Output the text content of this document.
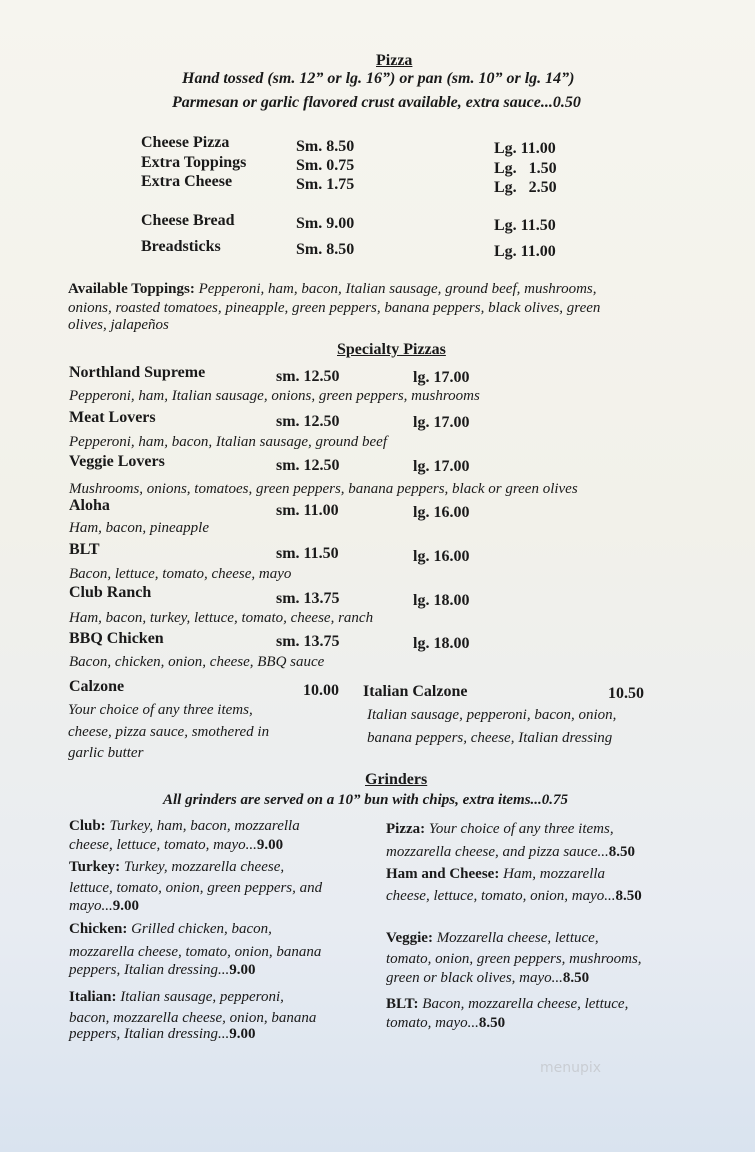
Pizza
Hand tossed (sm. 12” or lg. 16”) or pan (sm. 10” or lg. 14”)
Parmesan or garlic flavored crust available, extra sauce...0.50
Cheese Pizza	Sm. 8.50	Lg. 11.00
Extra Toppings	Sm. 0.75	Lg.   1.50
Extra Cheese	Sm. 1.75	Lg.   2.50
Cheese Bread	Sm. 9.00	Lg. 11.50
Breadsticks	Sm. 8.50	Lg. 11.00
Available Toppings: Pepperoni, ham, bacon, Italian sausage, ground beef, mushrooms,
onions, roasted tomatoes, pineapple, green peppers, banana peppers, black olives, green
olives, jalapeños
Specialty Pizzas
Northland Supreme	sm. 12.50	lg. 17.00
Pepperoni, ham, Italian sausage, onions, green peppers, mushrooms
Meat Lovers	sm. 12.50	lg. 17.00
Pepperoni, ham, bacon, Italian sausage, ground beef
Veggie Lovers	sm. 12.50	lg. 17.00
Mushrooms, onions, tomatoes, green peppers, banana peppers, black or green olives
Aloha	sm. 11.00	lg. 16.00
Ham, bacon, pineapple
BLT	sm. 11.50	lg. 16.00
Bacon, lettuce, tomato, cheese, mayo
Club Ranch	sm. 13.75	lg. 18.00
Ham, bacon, turkey, lettuce, tomato, cheese, ranch
BBQ Chicken	sm. 13.75	lg. 18.00
Bacon, chicken, onion, cheese, BBQ sauce
Calzone	10.00
Your choice of any three items,
cheese, pizza sauce, smothered in
garlic butter
Italian Calzone	10.50
Italian sausage, pepperoni, bacon, onion,
banana peppers, cheese, Italian dressing
Grinders
All grinders are served on a 10” bun with chips, extra items...0.75
Club: Turkey, ham, bacon, mozzarella
cheese, lettuce, tomato, mayo...9.00
Turkey: Turkey, mozzarella cheese,
lettuce, tomato, onion, green peppers, and
mayo...9.00
Chicken: Grilled chicken, bacon,
mozzarella cheese, tomato, onion, banana
peppers, Italian dressing...9.00
Italian: Italian sausage, pepperoni,
bacon, mozzarella cheese, onion, banana
peppers, Italian dressing...9.00
Pizza: Your choice of any three items,
mozzarella cheese, and pizza sauce...8.50
Ham and Cheese: Ham, mozzarella
cheese, lettuce, tomato, onion, mayo...8.50
Veggie: Mozzarella cheese, lettuce,
tomato, onion, green peppers, mushrooms,
green or black olives, mayo...8.50
BLT: Bacon, mozzarella cheese, lettuce,
tomato, mayo...8.50
menupix
